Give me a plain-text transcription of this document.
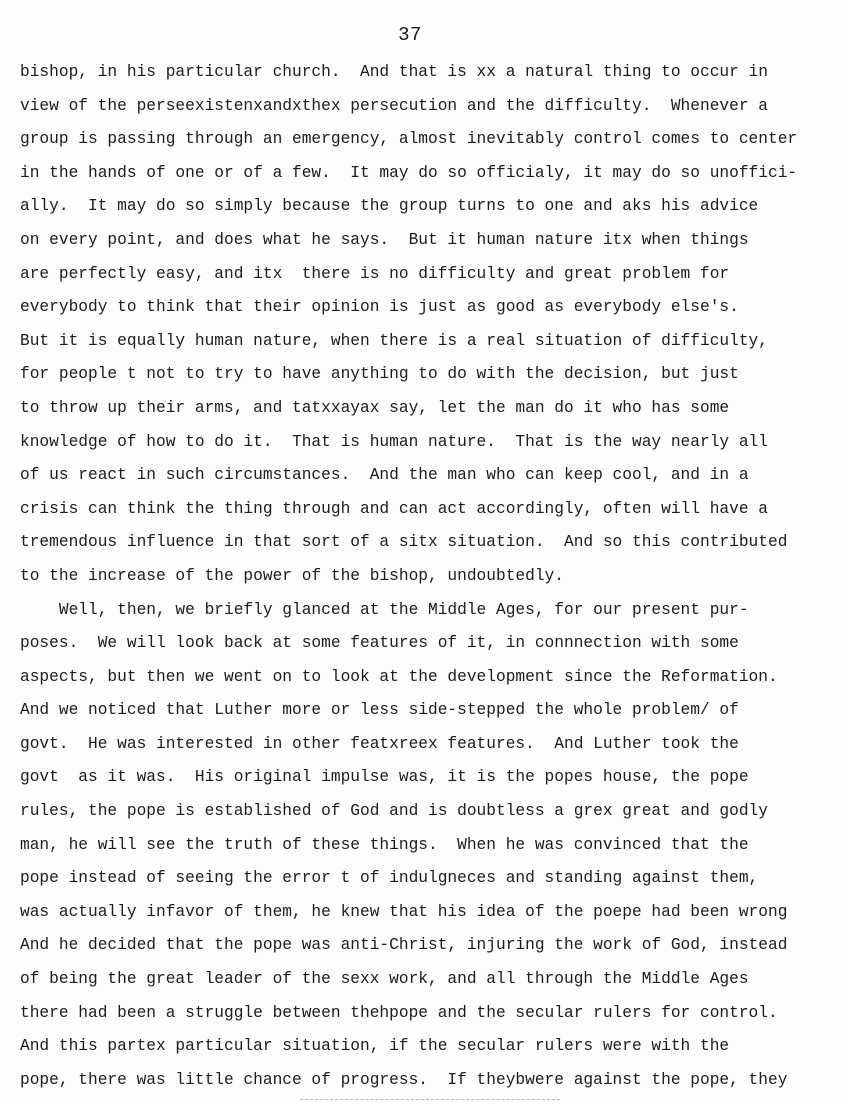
37
bishop, in his particular church.  And that is xx a natural thing to occur in
view of the perseexistenxandxthex persecution and the difficulty.  Whenever a
group is passing through an emergency, almost inevitably control comes to center
in the hands of one or of a few.  It may do so officialy, it may do so unoffici-
ally.  It may do so simply because the group turns to one and aks his advice
on every point, and does what he says.  But it human nature itx when things
are perfectly easy, and itx  there is no difficulty and great problem for
everybody to think that their opinion is just as good as everybody else's.
But it is equally human nature, when there is a real situation of difficulty,
for people t not to try to have anything to do with the decision, but just
to throw up their arms, and tatxxayax say, let the man do it who has some
knowledge of how to do it.  That is human nature.  That is the way nearly all
of us react in such circumstances.  And the man who can keep cool, and in a
crisis can think the thing through and can act accordingly, often will have a
tremendous influence in that sort of a sitx situation.  And so this contributed
to the increase of the power of the bishop, undoubtedly.
Well, then, we briefly glanced at the Middle Ages, for our present pur-
poses.  We will look back at some features of it, in connnection with some
aspects, but then we went on to look at the development since the Reformation.
And we noticed that Luther more or less side-stepped the whole problem/ of
govt.  He was interested in other featxreex features.  And Luther took the
govt  as it was.  His original impulse was, it is the popes house, the pope
rules, the pope is established of God and is doubtless a grex great and godly
man, he will see the truth of these things.  When he was convinced that the
pope instead of seeing the error t of indulgneces and standing against them,
was actually infavor of them, he knew that his idea of the poepe had been wrong
And he decided that the pope was anti-Christ, injuring the work of God, instead
of being the great leader of the sexx work, and all through the Middle Ages
there had been a struggle between thehpope and the secular rulers for control.
And this partex particular situation, if the secular rulers were with the
pope, there was little chance of progress.  If theybwere against the pope, they
